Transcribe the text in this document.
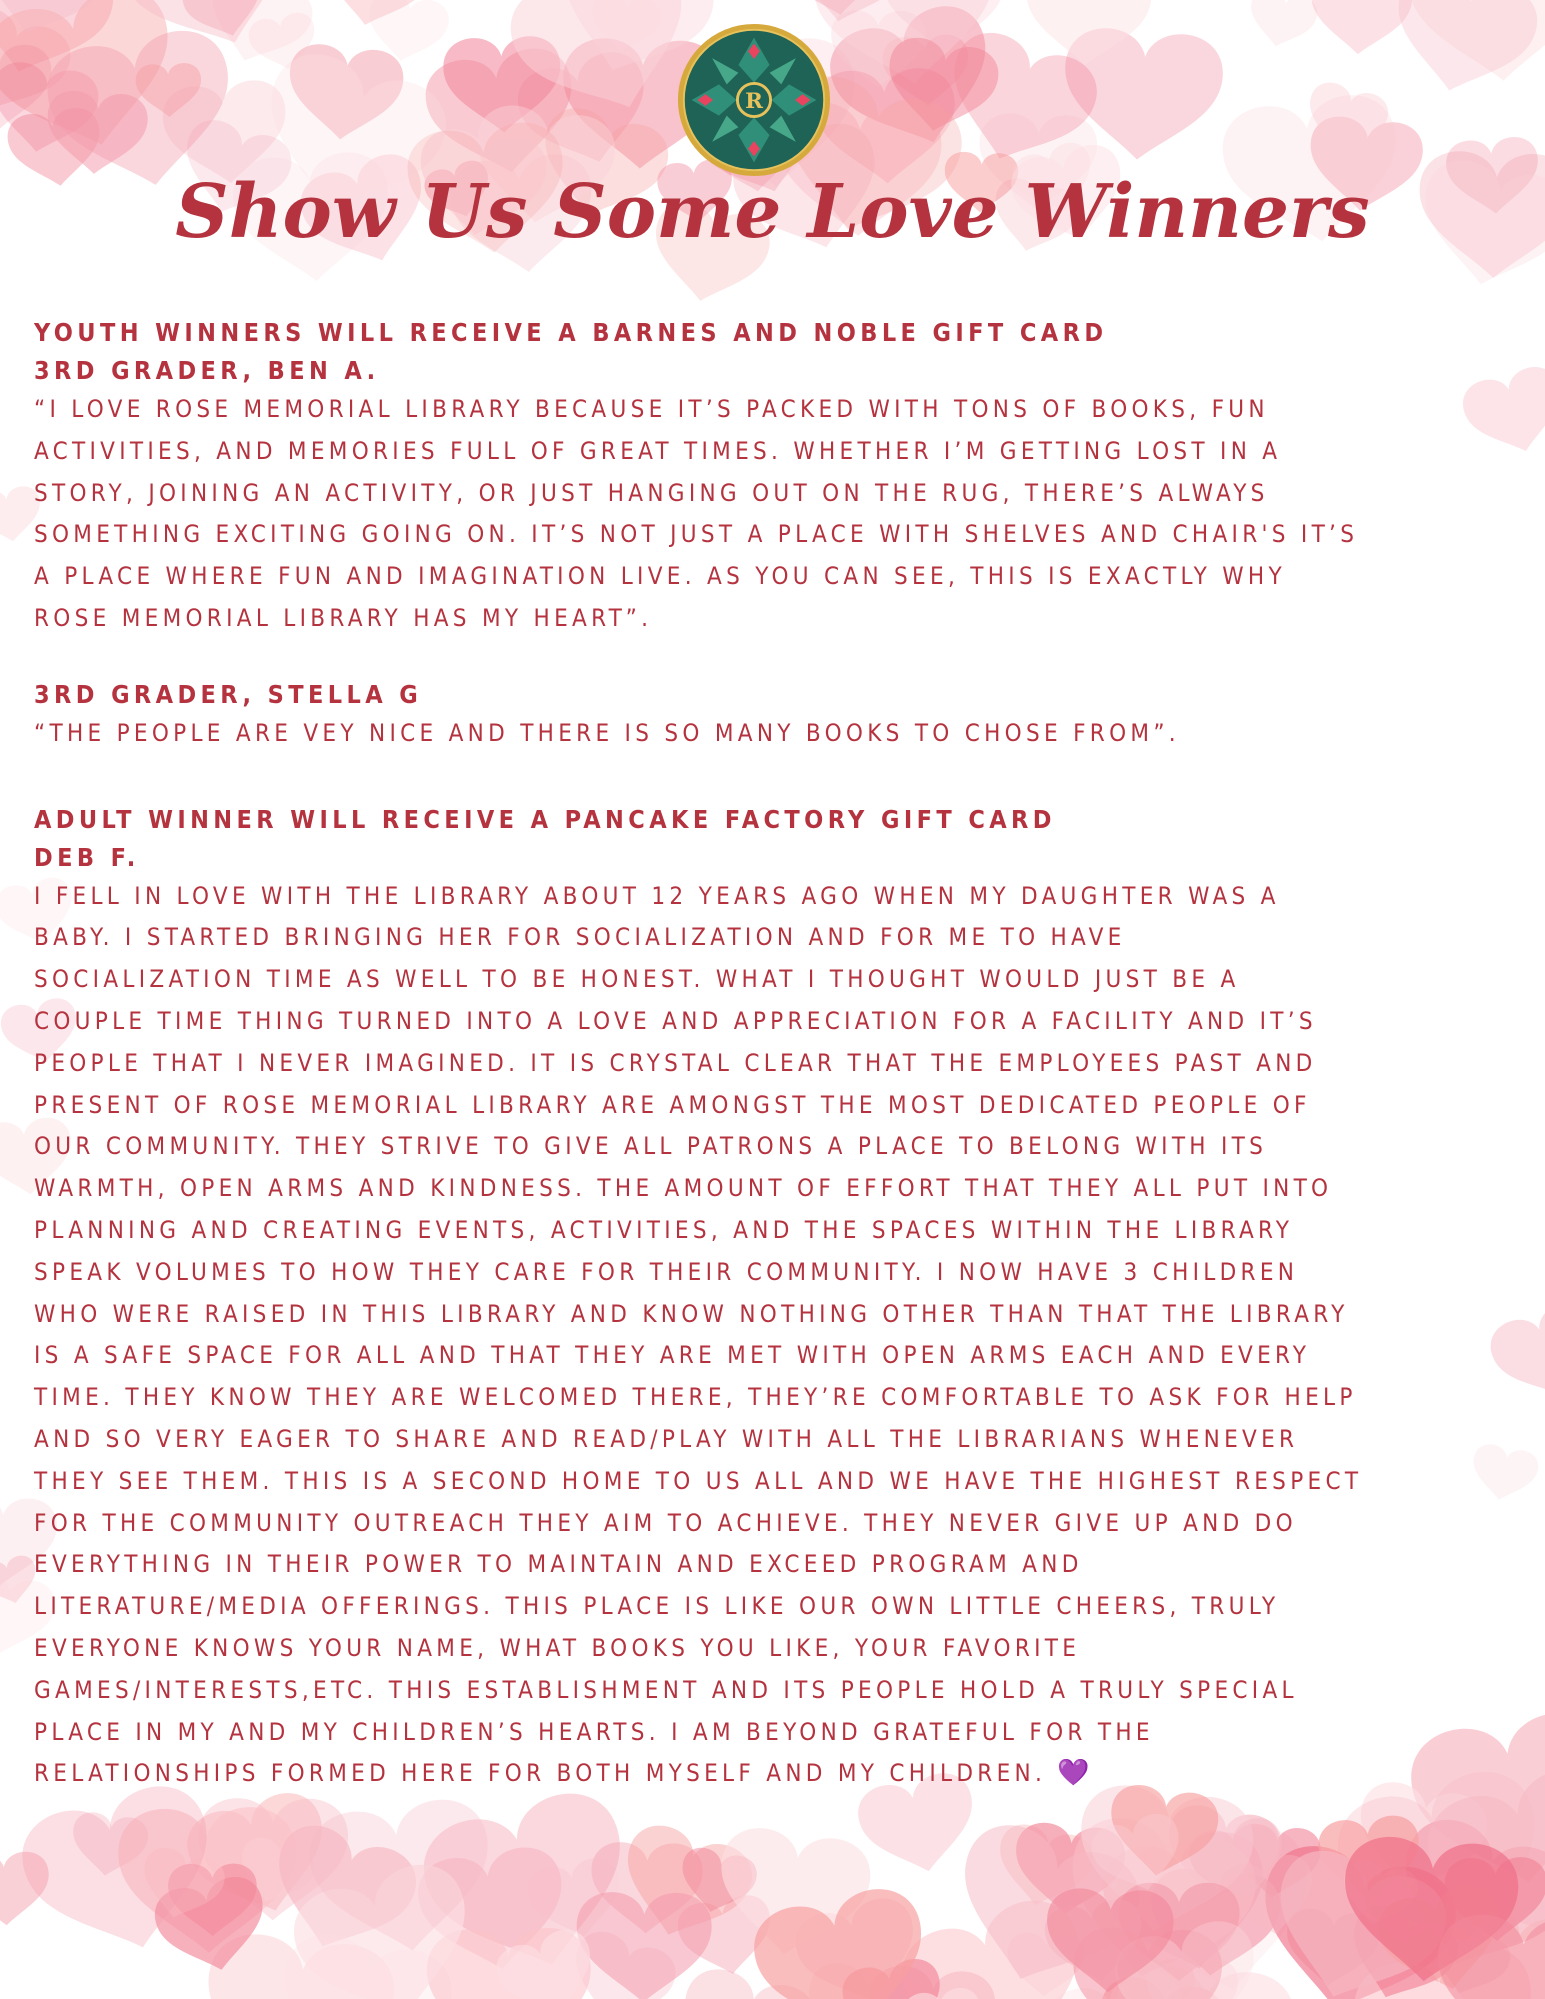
R
Show Us Some Love Winners
YOUTH WINNERS WILL RECEIVE A BARNES AND NOBLE GIFT CARD
3RD GRADER, BEN A.
“I LOVE ROSE MEMORIAL LIBRARY BECAUSE IT’S PACKED WITH TONS OF BOOKS, FUN
ACTIVITIES, AND MEMORIES FULL OF GREAT TIMES. WHETHER I’M GETTING LOST IN A
STORY, JOINING AN ACTIVITY, OR JUST HANGING OUT ON THE RUG, THERE’S ALWAYS
SOMETHING EXCITING GOING ON. IT’S NOT JUST A PLACE WITH SHELVES AND CHAIR'S IT’S
A PLACE WHERE FUN AND IMAGINATION LIVE. AS YOU CAN SEE, THIS IS EXACTLY WHY
ROSE MEMORIAL LIBRARY HAS MY HEART”.
3RD GRADER, STELLA G
“THE PEOPLE ARE VEY NICE AND THERE IS SO MANY BOOKS TO CHOSE FROM”.
ADULT WINNER WILL RECEIVE A PANCAKE FACTORY GIFT CARD
DEB F.
I FELL IN LOVE WITH THE LIBRARY ABOUT 12 YEARS AGO WHEN MY DAUGHTER WAS A
BABY. I STARTED BRINGING HER FOR SOCIALIZATION AND FOR ME TO HAVE
SOCIALIZATION TIME AS WELL TO BE HONEST. WHAT I THOUGHT WOULD JUST BE A
COUPLE TIME THING TURNED INTO A LOVE AND APPRECIATION FOR A FACILITY AND IT’S
PEOPLE THAT I NEVER IMAGINED. IT IS CRYSTAL CLEAR THAT THE EMPLOYEES PAST AND
PRESENT OF ROSE MEMORIAL LIBRARY ARE AMONGST THE MOST DEDICATED PEOPLE OF
OUR COMMUNITY. THEY STRIVE TO GIVE ALL PATRONS A PLACE TO BELONG WITH ITS
WARMTH, OPEN ARMS AND KINDNESS. THE AMOUNT OF EFFORT THAT THEY ALL PUT INTO
PLANNING AND CREATING EVENTS, ACTIVITIES, AND THE SPACES WITHIN THE LIBRARY
SPEAK VOLUMES TO HOW THEY CARE FOR THEIR COMMUNITY. I NOW HAVE 3 CHILDREN
WHO WERE RAISED IN THIS LIBRARY AND KNOW NOTHING OTHER THAN THAT THE LIBRARY
IS A SAFE SPACE FOR ALL AND THAT THEY ARE MET WITH OPEN ARMS EACH AND EVERY
TIME. THEY KNOW THEY ARE WELCOMED THERE, THEY’RE COMFORTABLE TO ASK FOR HELP
AND SO VERY EAGER TO SHARE AND READ/PLAY WITH ALL THE LIBRARIANS WHENEVER
THEY SEE THEM. THIS IS A SECOND HOME TO US ALL AND WE HAVE THE HIGHEST RESPECT
FOR THE COMMUNITY OUTREACH THEY AIM TO ACHIEVE. THEY NEVER GIVE UP AND DO
EVERYTHING IN THEIR POWER TO MAINTAIN AND EXCEED PROGRAM AND
LITERATURE/MEDIA OFFERINGS. THIS PLACE IS LIKE OUR OWN LITTLE CHEERS, TRULY
EVERYONE KNOWS YOUR NAME, WHAT BOOKS YOU LIKE, YOUR FAVORITE
GAMES/INTERESTS,ETC. THIS ESTABLISHMENT AND ITS PEOPLE HOLD A TRULY SPECIAL
PLACE IN MY AND MY CHILDREN’S HEARTS. I AM BEYOND GRATEFUL FOR THE
RELATIONSHIPS FORMED HERE FOR BOTH MYSELF AND MY CHILDREN. 💜
